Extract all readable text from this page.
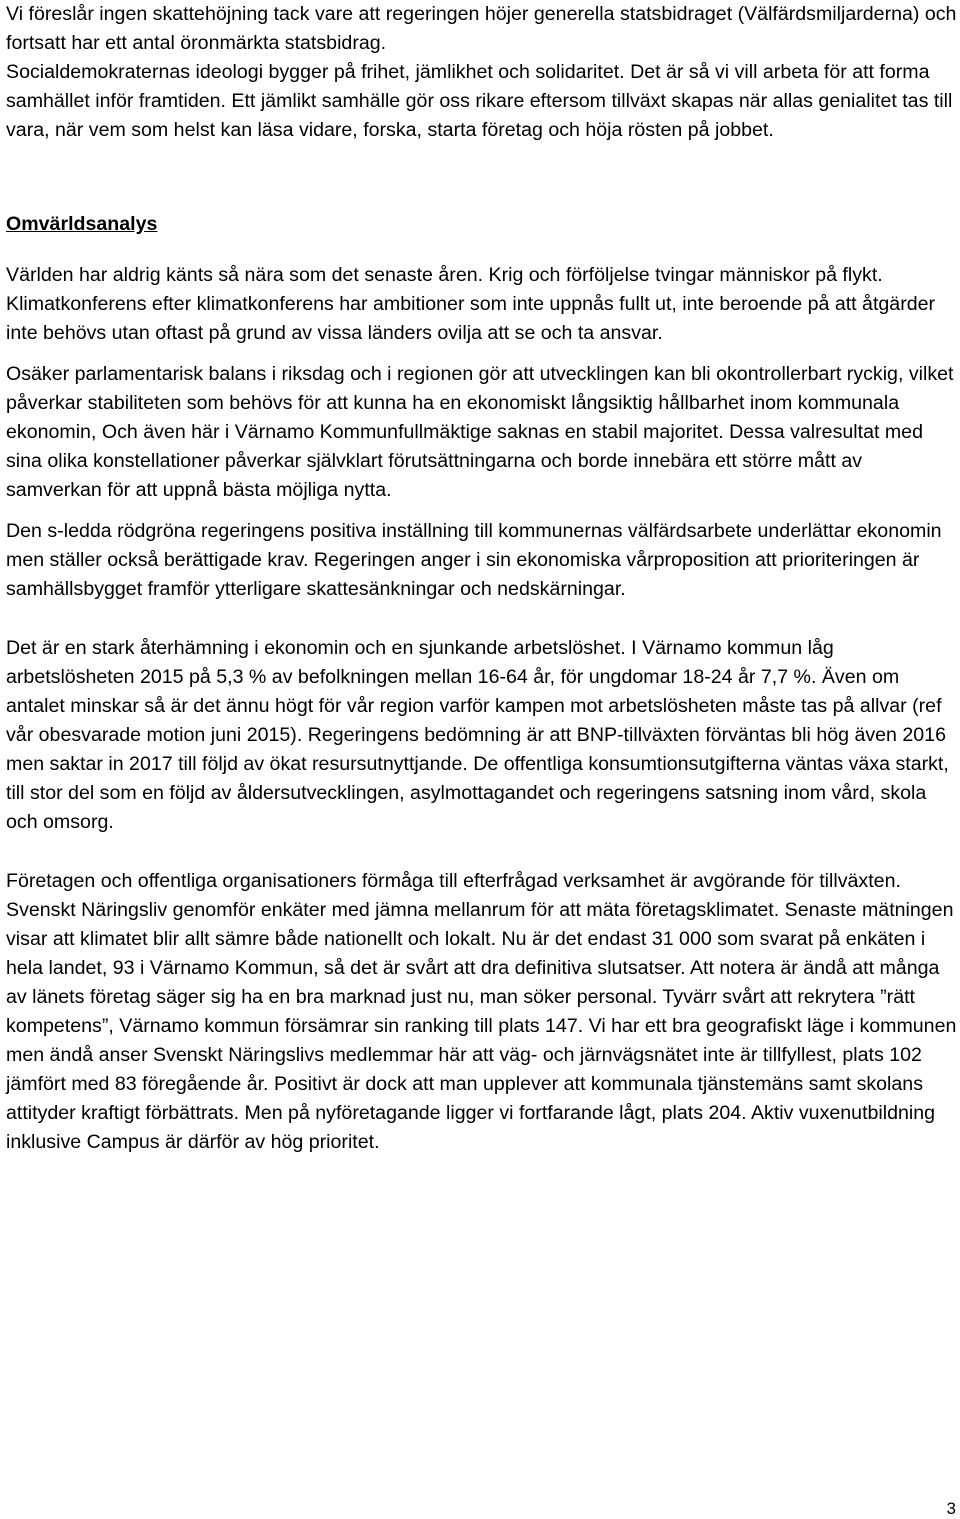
Vi föreslår ingen skattehöjning tack vare att regeringen höjer generella statsbidraget (Välfärdsmiljarderna) och fortsatt har ett antal öronmärkta statsbidrag.

Socialdemokraternas ideologi bygger på frihet, jämlikhet och solidaritet. Det är så vi vill arbeta för att forma samhället inför framtiden. Ett jämlikt samhälle gör oss rikare eftersom tillväxt skapas när allas genialitet tas till vara, när vem som helst kan läsa vidare, forska, starta företag och höja rösten på jobbet.

Omvärldsanalys

Världen har aldrig känts så nära som det senaste åren. Krig och förföljelse tvingar människor på flykt. Klimatkonferens efter klimatkonferens har ambitioner som inte uppnås fullt ut, inte beroende på att åtgärder inte behövs utan oftast på grund av vissa länders ovilja att se och ta ansvar.

Osäker parlamentarisk balans i riksdag och i regionen gör att utvecklingen kan bli okontrollerbart ryckig, vilket påverkar stabiliteten som behövs för att kunna ha en ekonomiskt långsiktig hållbarhet inom kommunala ekonomin, Och även här i Värnamo Kommunfullmäktige saknas en stabil majoritet. Dessa valresultat med sina olika konstellationer påverkar självklart förutsättningarna och borde innebära ett större mått av samverkan för att uppnå bästa möjliga nytta.

Den s-ledda rödgröna regeringens positiva inställning till kommunernas välfärdsarbete underlättar ekonomin men ställer också berättigade krav. Regeringen anger i sin ekonomiska vårproposition att prioriteringen är samhällsbygget framför ytterligare skattesänkningar och nedskärningar.

Det är en stark återhämning i ekonomin och en sjunkande arbetslöshet. I Värnamo kommun låg arbetslösheten 2015 på 5,3 % av befolkningen mellan 16-64 år, för ungdomar 18-24 år 7,7 %. Även om antalet minskar så är det ännu högt för vår region varför kampen mot arbetslösheten måste tas på allvar (ref vår obesvarade motion juni 2015). Regeringens bedömning är att BNP-tillväxten förväntas bli hög även 2016 men saktar in 2017 till följd av ökat resursutnyttjande. De offentliga konsumtionsutgifterna väntas växa starkt, till stor del som en följd av åldersutvecklingen, asylmottagandet och regeringens satsning inom vård, skola och omsorg.

Företagen och offentliga organisationers förmåga till efterfrågad verksamhet är avgörande för tillväxten. Svenskt Näringsliv genomför enkäter med jämna mellanrum för att mäta företagsklimatet. Senaste mätningen visar att klimatet blir allt sämre både nationellt och lokalt. Nu är det endast 31 000 som svarat på enkäten i hela landet, 93 i Värnamo Kommun, så det är svårt att dra definitiva slutsatser. Att notera är ändå att många av länets företag säger sig ha en bra marknad just nu, man söker personal. Tyvärr svårt att rekrytera ”rätt kompetens”, Värnamo kommun försämrar sin ranking till plats 147. Vi har ett bra geografiskt läge i kommunen men ändå anser Svenskt Näringslivs medlemmar här att väg- och järnvägsnätet inte är tillfyllest, plats 102 jämfört med 83 föregående år. Positivt är dock att man upplever att kommunala tjänstemäns samt skolans attityder kraftigt förbättrats. Men på nyföretagande ligger vi fortfarande lågt, plats 204. Aktiv vuxenutbildning inklusive Campus är därför av hög prioritet.

3
